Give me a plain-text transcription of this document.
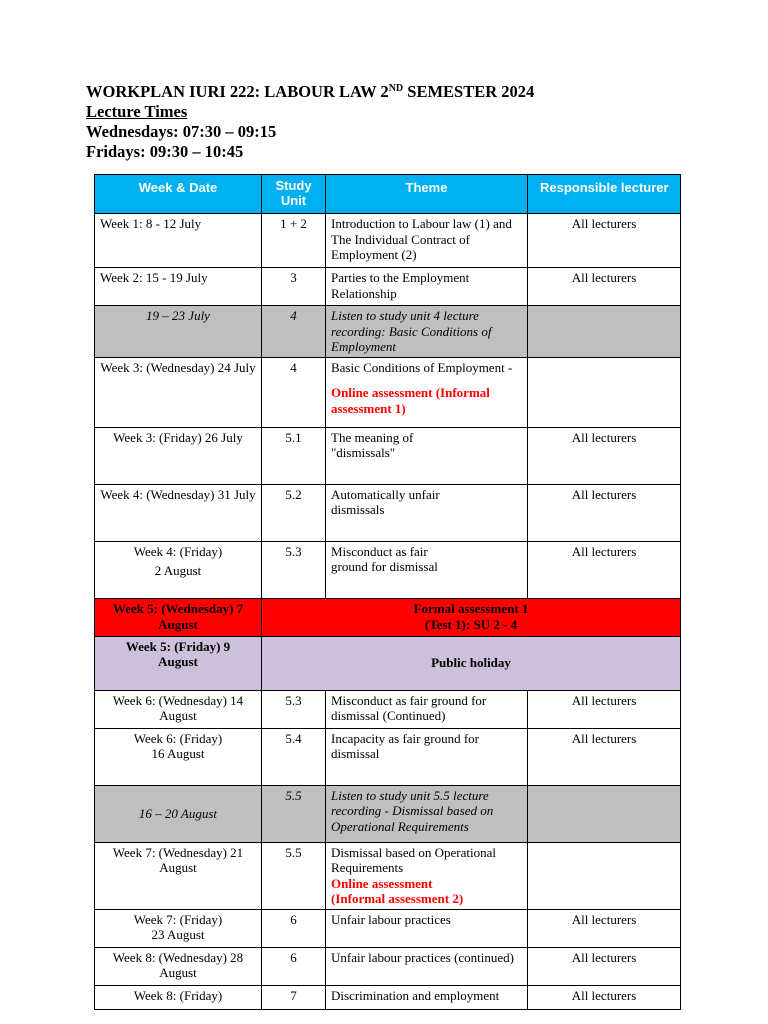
WORKPLAN IURI 222: LABOUR LAW 2ND SEMESTER 2024
Lecture Times
Wednesdays: 07:30 – 09:15
Fridays: 09:30 – 10:45
Week & Date	Study Unit	Theme	Responsible lecturer
Week 1: 8 - 12 July	1 + 2	Introduction to Labour law (1) and The Individual Contract of Employment (2)	All lecturers
Week 2: 15 - 19 July	3	Parties to the Employment Relationship	All lecturers
19 – 23 July	4	Listen to study unit 4 lecture recording: Basic Conditions of Employment	
Week 3: (Wednesday) 24 July	4	Basic Conditions of Employment -
Online assessment (Informal assessment 1)	

Week 3: (Friday) 26 July	5.1	The meaning of "dismissals"	All lecturers
Week 4: (Wednesday) 31 July	5.2	Automatically unfair dismissals	All lecturers

Week 4: (Friday)
2 August	5.3	Misconduct as fair ground for dismissal	All lecturers
Week 5: (Wednesday) 7 August	Formal assessment 1 (Test 1): SU 2 - 4		
Week 5: (Friday) 9 August	Public holiday		
Week 6: (Wednesday) 14 August	5.3	Misconduct as fair ground for dismissal (Continued)	All lecturers
Week 6: (Friday) 16 August	5.4	Incapacity as fair ground for dismissal	All lecturers
16 – 20 August	5.5	Listen to study unit 5.5 lecture recording - Dismissal based on Operational Requirements	
Week 7: (Wednesday) 21 August	5.5	Dismissal based on Operational Requirements
Online assessment (Informal assessment 2)	

Week 7: (Friday) 23 August	6	Unfair labour practices	All lecturers
Week 8: (Wednesday) 28 August	6	Unfair labour practices (continued)	All lecturers
Week 8: (Friday)	7	Discrimination and employment	All lecturers
